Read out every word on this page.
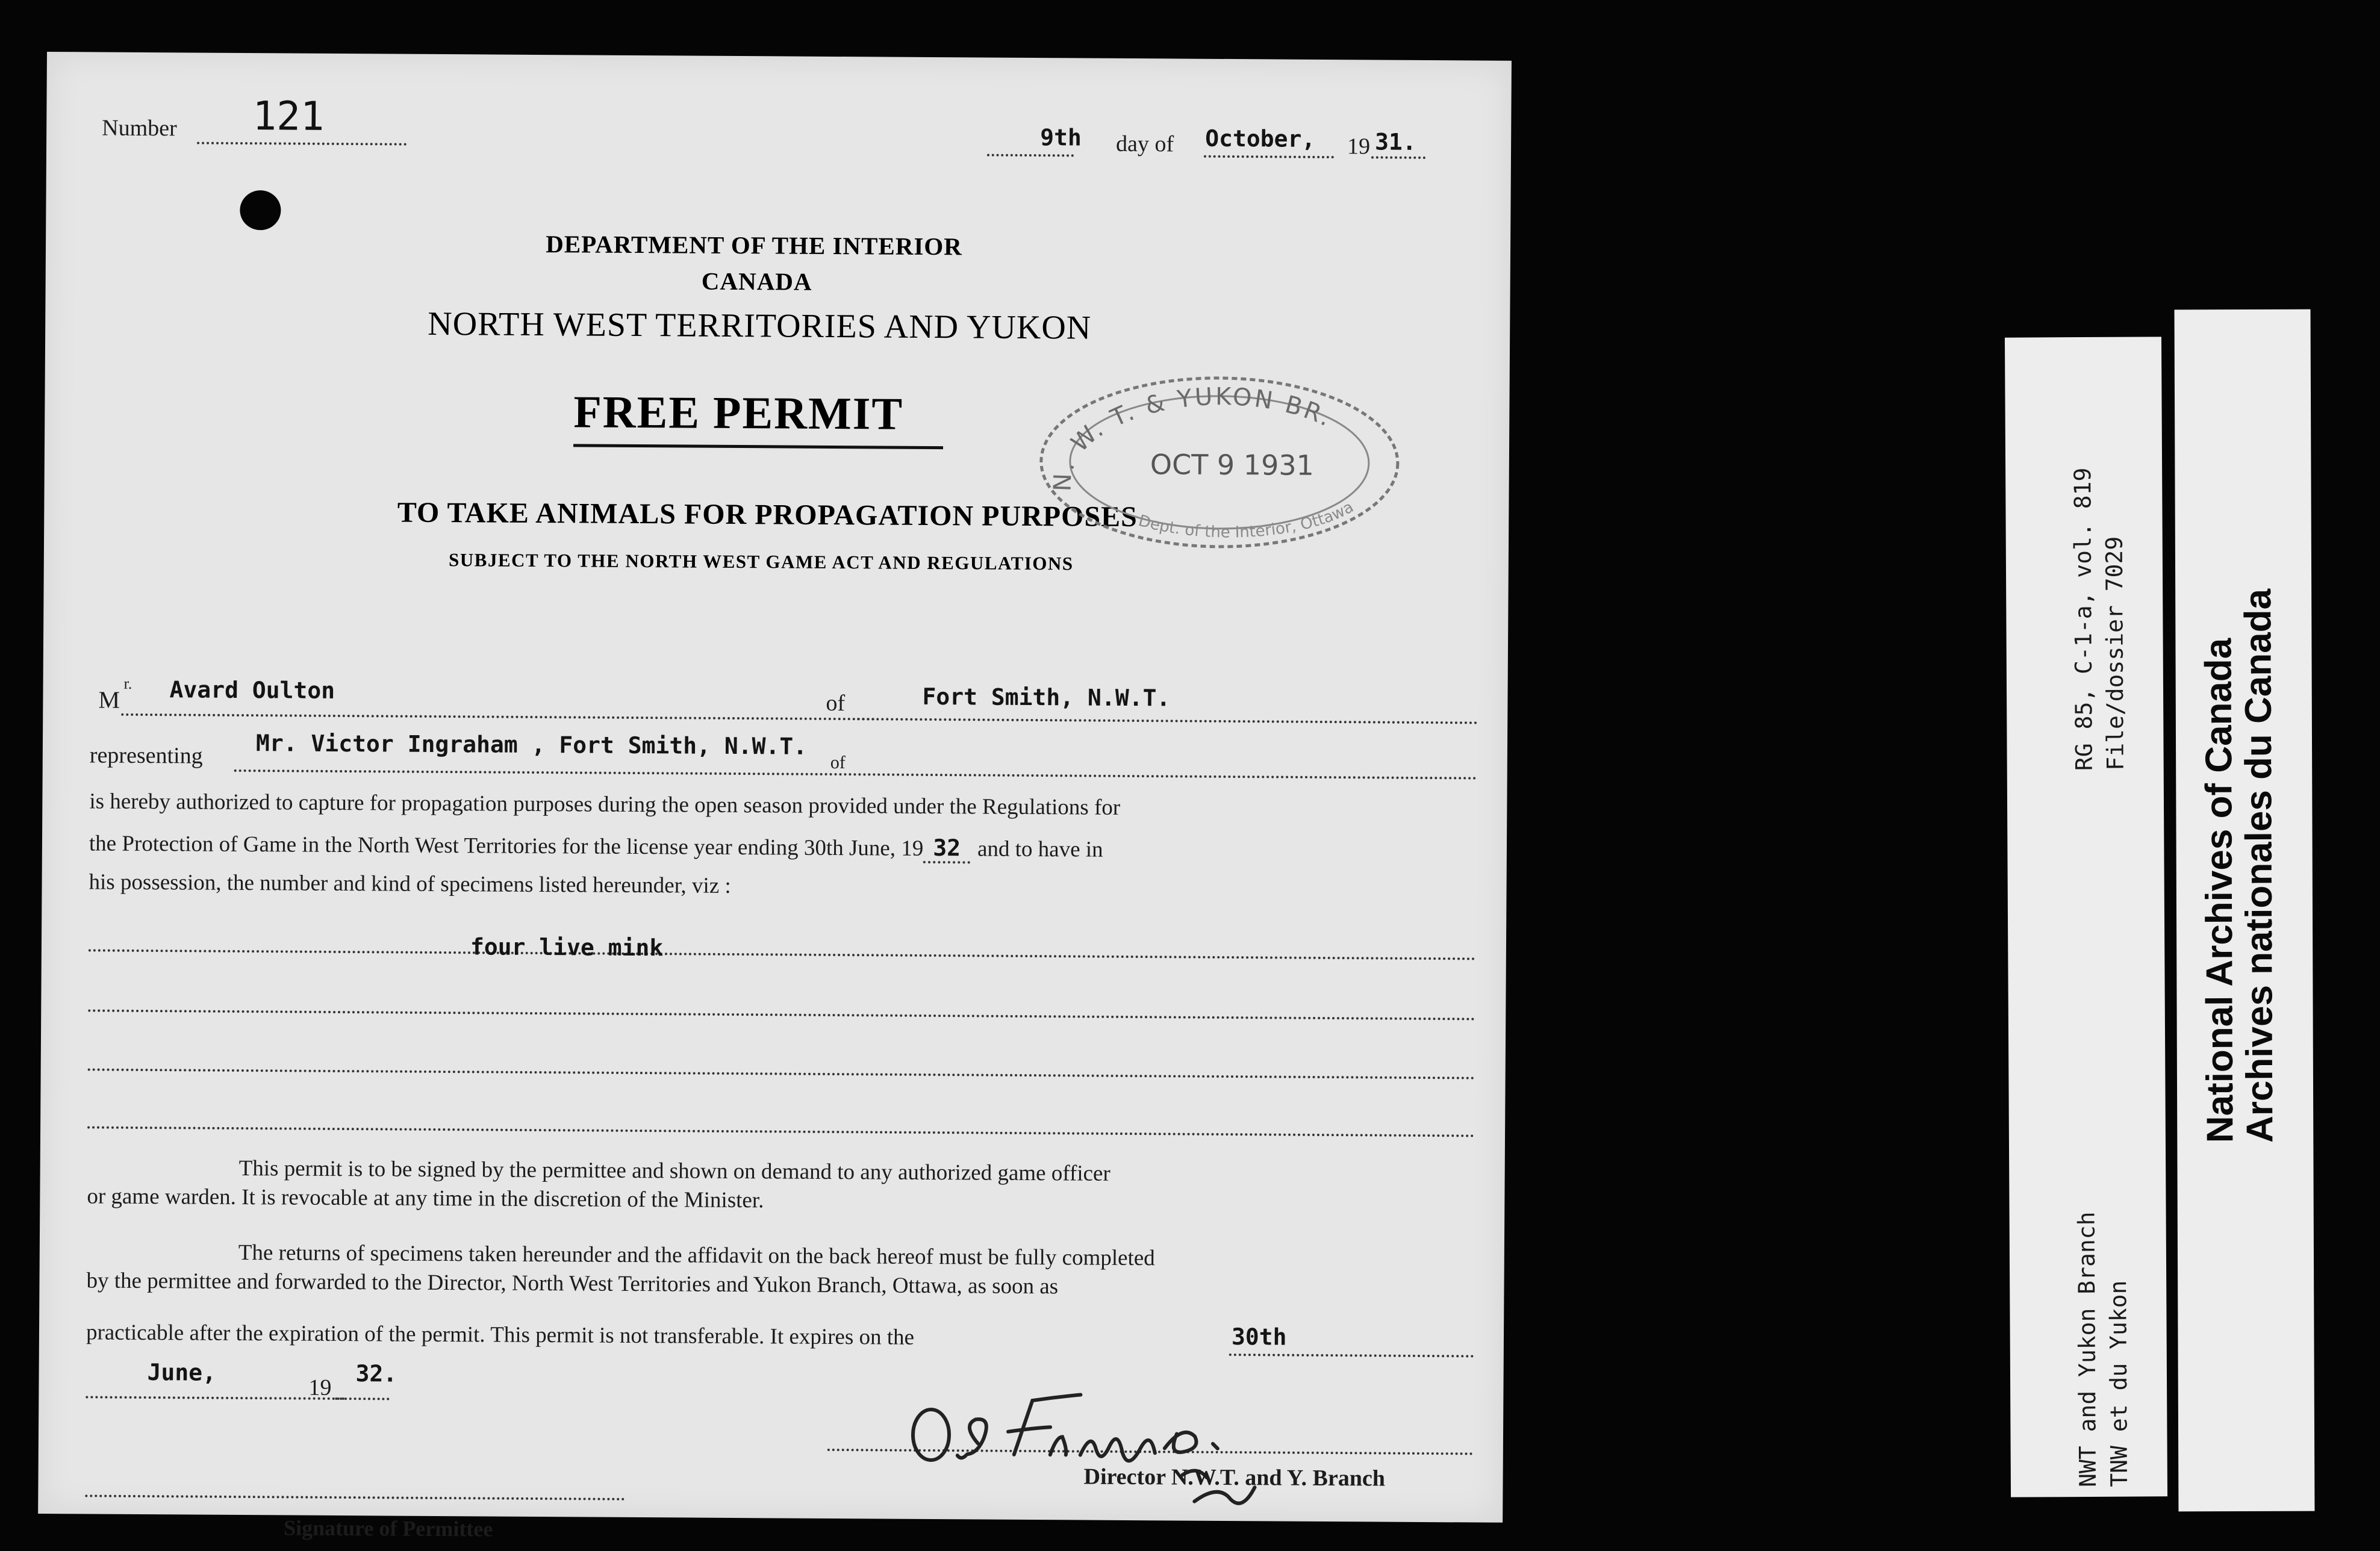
Number 121	9th day of October, 19 31.
DEPARTMENT OF THE INTERIOR
CANADA
NORTH WEST TERRITORIES AND YUKON
FREE PERMIT
TO TAKE ANIMALS FOR PROPAGATION PURPOSES
SUBJECT TO THE NORTH WEST GAME ACT AND REGULATIONS
N. W. T. & YUKON BR.
OCT 9 1931
Dept. of the Interior, Ottawa
M
r. Avard Oulton	of	Fort Smith, N.W.T.
representing Mr. Victor Ingraham , Fort Smith, N.W.T.
of
is hereby authorized to capture for propagation purposes during the open season provided under the Regulations for
the Protection of Game in the North West Territories for the license year ending 30th June, 19 32 and to have in
his possession, the number and kind of specimens listed hereunder, viz :
four live mink
This permit is to be signed by the permittee and shown on demand to any authorized game officer
or game warden. It is revocable at any time in the discretion of the Minister.
The returns of specimens taken hereunder and the affidavit on the back hereof must be fully completed
by the permittee and forwarded to the Director, North West Territories and Yukon Branch, Ottawa, as soon as
practicable after the expiration of the permit. This permit is not transferable. It expires on the	30th
June,
19
32.
Director N.W.T. and Y. Branch
Signature of Permittee
RG 85, C-1-a, vol. 819 File/dossier 7029
NWT and Yukon Branch TNW et du Yukon
National Archives of Canada
Archives nationales du Canada
